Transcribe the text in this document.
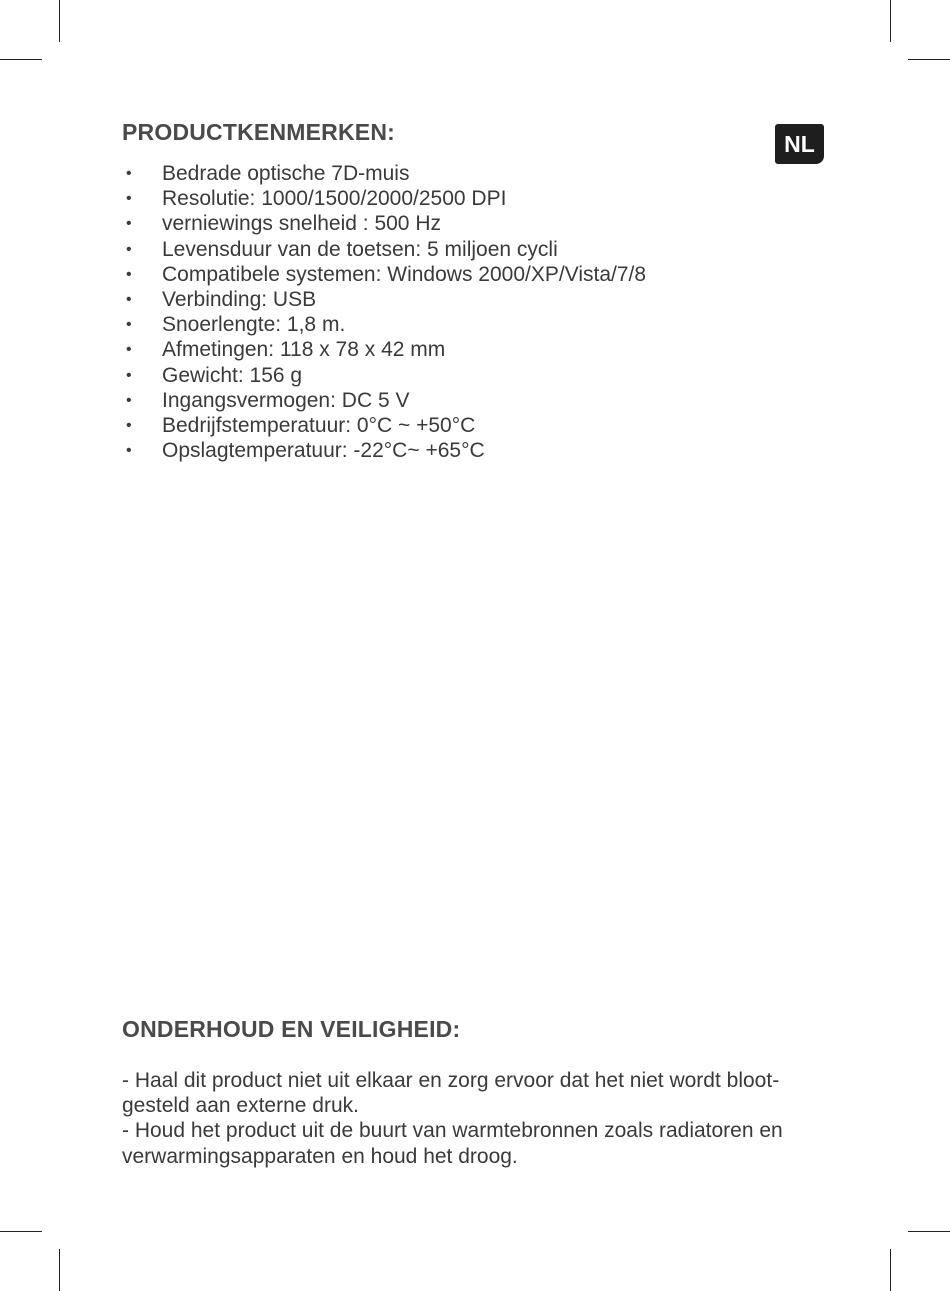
NL
PRODUCTKENMERKEN:
• Bedrade optische 7D-muis
• Resolutie: 1000/1500/2000/2500 DPI
• verniewings snelheid : 500 Hz
• Levensduur van de toetsen: 5 miljoen cycli
• Compatibele systemen: Windows 2000/XP/Vista/7/8
• Verbinding: USB
• Snoerlengte: 1,8 m.
• Afmetingen: 118 x 78 x 42 mm
• Gewicht: 156 g
• Ingangsvermogen: DC 5 V
• Bedrijfstemperatuur: 0°C ~ +50°C
• Opslagtemperatuur: -22°C~ +65°C
ONDERHOUD EN VEILIGHEID:

- Haal dit product niet uit elkaar en zorg ervoor dat het niet wordt bloot- gesteld aan externe druk.

- Houd het product uit de buurt van warmtebronnen zoals radiatoren en verwarmingsapparaten en houd het droog.
